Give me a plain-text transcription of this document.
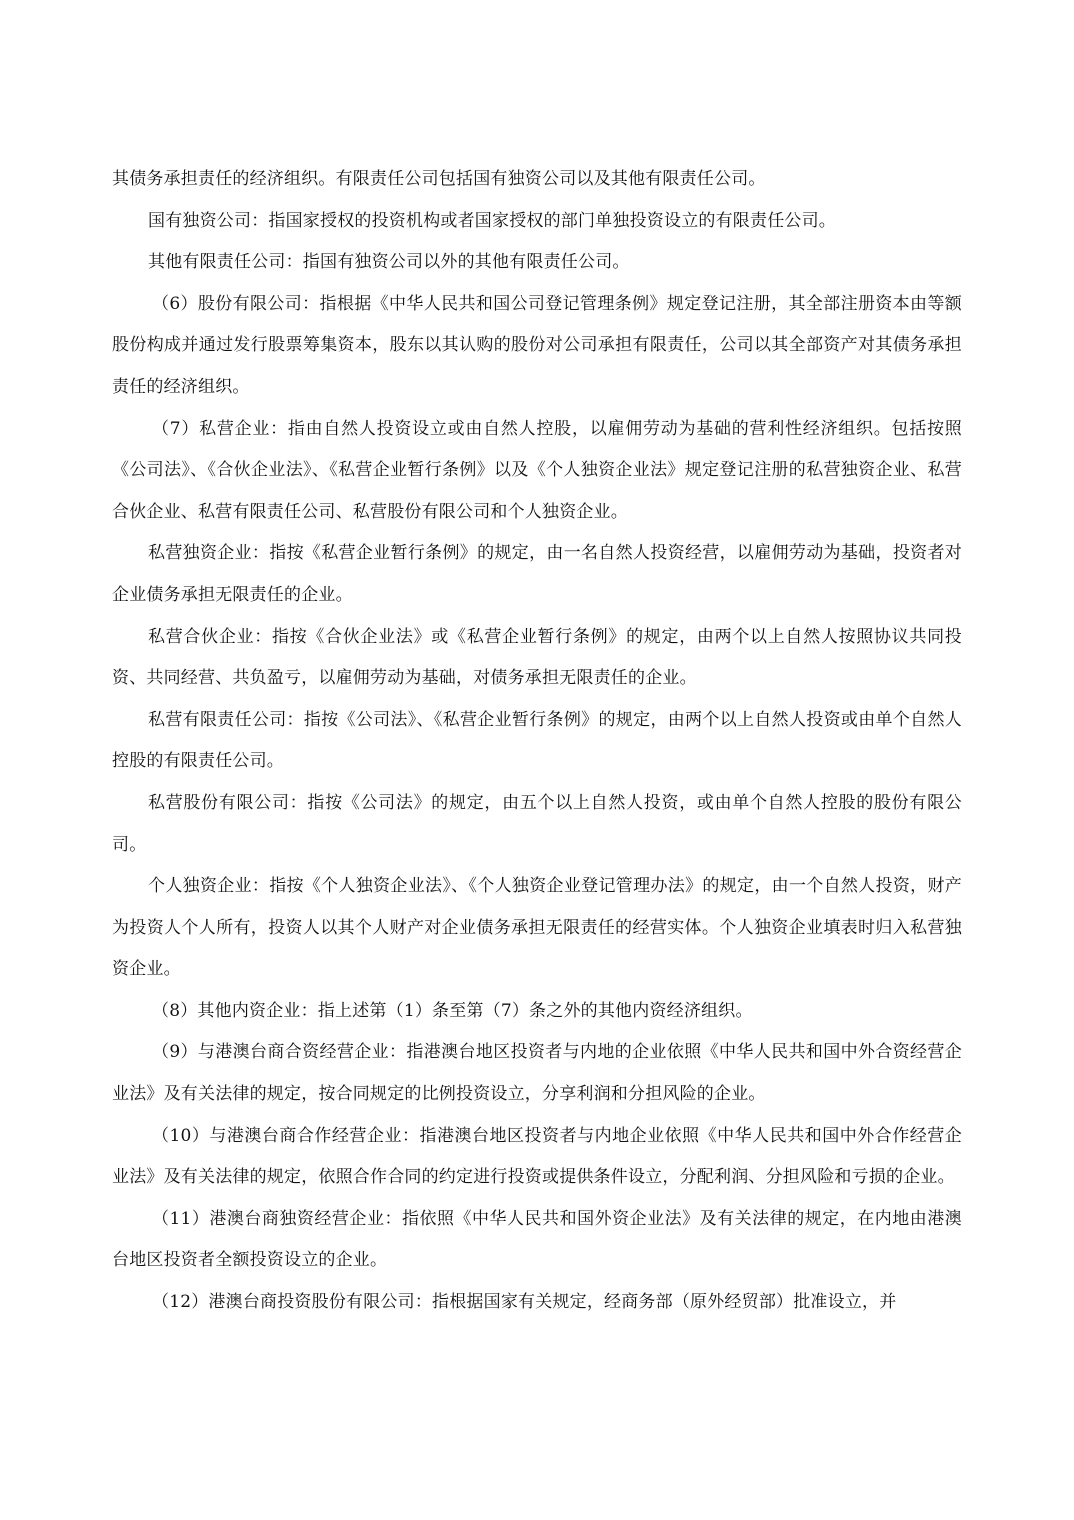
其债务承担责任的经济组织。有限责任公司包括国有独资公司以及其他有限责任公司。

国有独资公司：指国家授权的投资机构或者国家授权的部门单独投资设立的有限责任公司。

其他有限责任公司：指国有独资公司以外的其他有限责任公司。

（6）股份有限公司：指根据《中华人民共和国公司登记管理条例》规定登记注册，其全部注册资本由等额股份构成并通过发行股票筹集资本，股东以其认购的股份对公司承担有限责任，公司以其全部资产对其债务承担责任的经济组织。

（7）私营企业：指由自然人投资设立或由自然人控股，以雇佣劳动为基础的营利性经济组织。包括按照《公司法》、《合伙企业法》、《私营企业暂行条例》以及《个人独资企业法》规定登记注册的私营独资企业、私营合伙企业、私营有限责任公司、私营股份有限公司和个人独资企业。

私营独资企业：指按《私营企业暂行条例》的规定，由一名自然人投资经营，以雇佣劳动为基础，投资者对企业债务承担无限责任的企业。

私营合伙企业：指按《合伙企业法》或《私营企业暂行条例》的规定，由两个以上自然人按照协议共同投资、共同经营、共负盈亏，以雇佣劳动为基础，对债务承担无限责任的企业。

私营有限责任公司：指按《公司法》、《私营企业暂行条例》的规定，由两个以上自然人投资或由单个自然人控股的有限责任公司。

私营股份有限公司：指按《公司法》的规定，由五个以上自然人投资，或由单个自然人控股的股份有限公司。

个人独资企业：指按《个人独资企业法》、《个人独资企业登记管理办法》的规定，由一个自然人投资，财产为投资人个人所有，投资人以其个人财产对企业债务承担无限责任的经营实体。个人独资企业填表时归入私营独资企业。

（8）其他内资企业：指上述第（1）条至第（7）条之外的其他内资经济组织。

（9）与港澳台商合资经营企业：指港澳台地区投资者与内地的企业依照《中华人民共和国中外合资经营企业法》及有关法律的规定，按合同规定的比例投资设立，分享利润和分担风险的企业。

（10）与港澳台商合作经营企业：指港澳台地区投资者与内地企业依照《中华人民共和国中外合作经营企业法》及有关法律的规定，依照合作合同的约定进行投资或提供条件设立，分配利润、分担风险和亏损的企业。

（11）港澳台商独资经营企业：指依照《中华人民共和国外资企业法》及有关法律的规定，在内地由港澳台地区投资者全额投资设立的企业。

（12）港澳台商投资股份有限公司：指根据国家有关规定，经商务部（原外经贸部）批准设立，并
